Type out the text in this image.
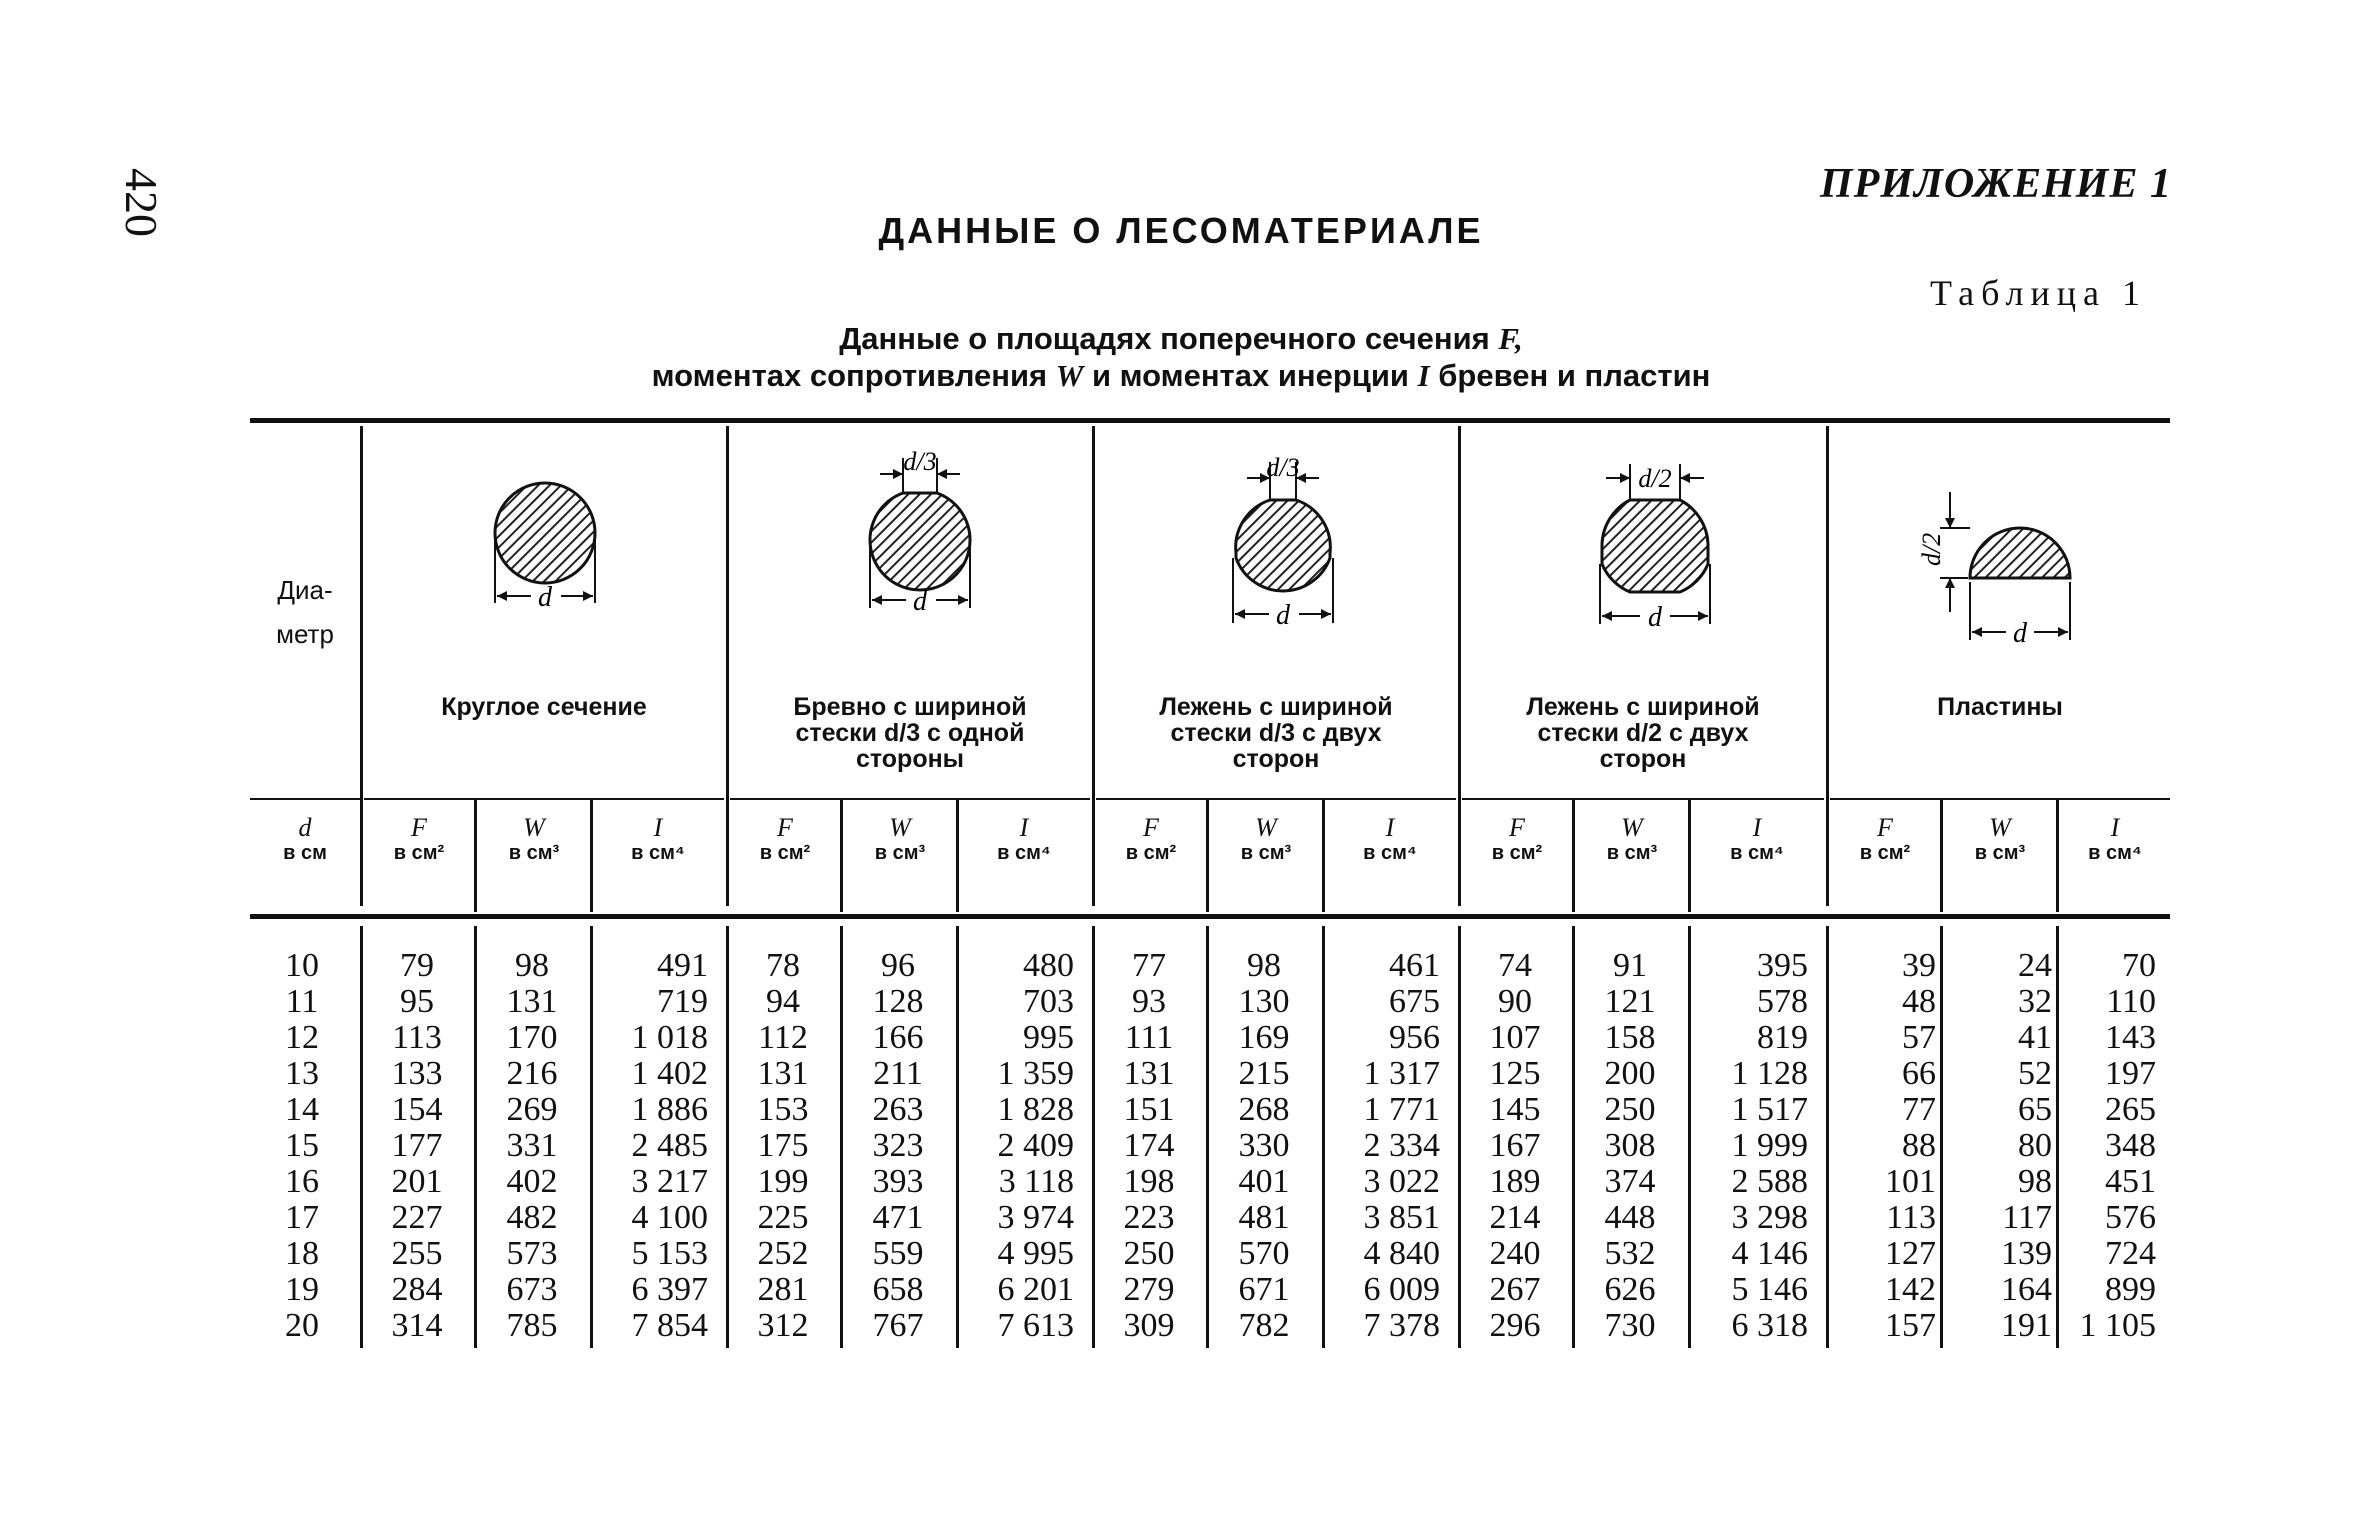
420	ПРИЛОЖЕНИЕ 1
ДАННЫЕ О ЛЕСОМАТЕРИАЛЕ
Таблица 1
Данные о площадях поперечного сечения F,
моментах сопротивления W и моментах инерции I бревен и пластин
Диа-
метр
d
d/3
d
d/3
d
d/2
d
d/2
d
Круглое сечение	Бревно с шириной
стески d/3 с одной
стороны
Лежень с шириной
стески d/3 с двух
сторон
Лежень с шириной
стески d/2 с двух
сторон
Пластины
d
в см
F
в см²
W
в см³
I
в см⁴
F
в см²
W
в см³
I
в см⁴
F
в см²
W
в см³
I
в см⁴
F
в см²
W
в см³
I
в см⁴
F
в см²
W
в см³
I
в см⁴
10
11
12
13
14
15
16
17
18
19
20
79
95
113
133
154
177
201
227
255
284
314
98
131
170
216
269
331
402
482
573
673
785
491
719
1 018
1 402
1 886
2 485
3 217
4 100
5 153
6 397
7 854
78
94
112
131
153
175
199
225
252
281
312
96
128
166
211
263
323
393
471
559
658
767
480
703
995
1 359
1 828
2 409
3 118
3 974
4 995
6 201
7 613
77
93
111
131
151
174
198
223
250
279
309
98
130
169
215
268
330
401
481
570
671
782
461
675
956
1 317
1 771
2 334
3 022
3 851
4 840
6 009
7 378
74
90
107
125
145
167
189
214
240
267
296
91
121
158
200
250
308
374
448
532
626
730
395
578
819
1 128
1 517
1 999
2 588
3 298
4 146
5 146
6 318
39
48
57
66
77
88
101
113
127
142
157
24
32
41
52
65
80
98
117
139
164
191
70
110
143
197
265
348
451
576
724
899
1 105
